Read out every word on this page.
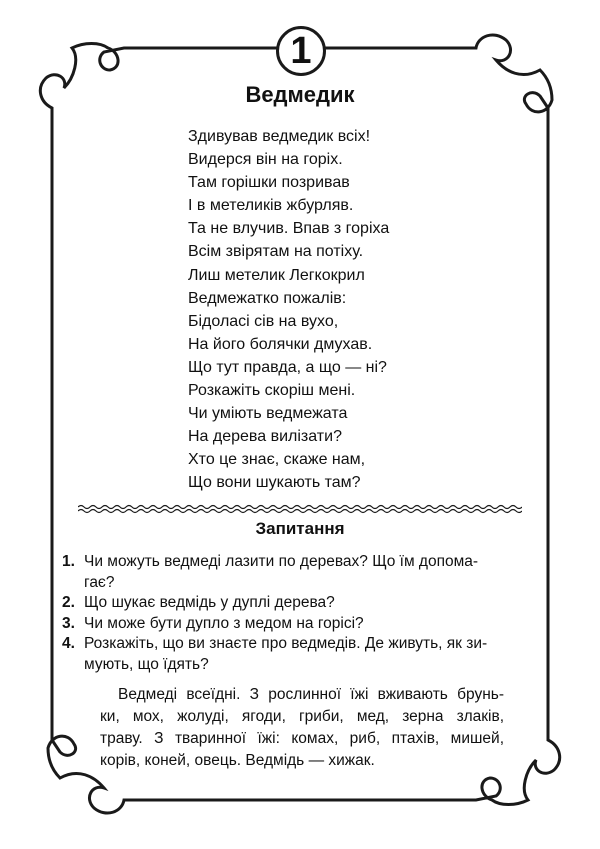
1
Ведмедик
Здивував ведмедик всіх!
Видерся він на горіх.
Там горішки позривав
І в метеликів жбурляв.
Та не влучив. Впав з горіха
Всім звірятам на потіху.
Лиш метелик Легкокрил
Ведмежатко пожалів:
Бідоласі сів на вухо,
На його болячки дмухав.
Що тут правда, а що — ні?
Розкажіть скоріш мені.
Чи уміють ведмежата
На дерева вилізати?
Хто це знає, скаже нам,
Що вони шукають там?
Запитання
1. Чи можуть ведмеді лазити по деревах? Що їм допома-
гає?
2. Що шукає ведмідь у дуплі дерева?
3. Чи може бути дупло з медом на горісі?
4. Розкажіть, що ви знаєте про ведмедів. Де живуть, як зи-
мують, що їдять?
Ведмеді всеїдні. З рослинної їжі вживають брунь-
ки, мох, жолуді, ягоди, гриби, мед, зерна злаків,
траву. З тваринної їжі: комах, риб, птахів, мишей,
корів, коней, овець. Ведмідь — хижак.
